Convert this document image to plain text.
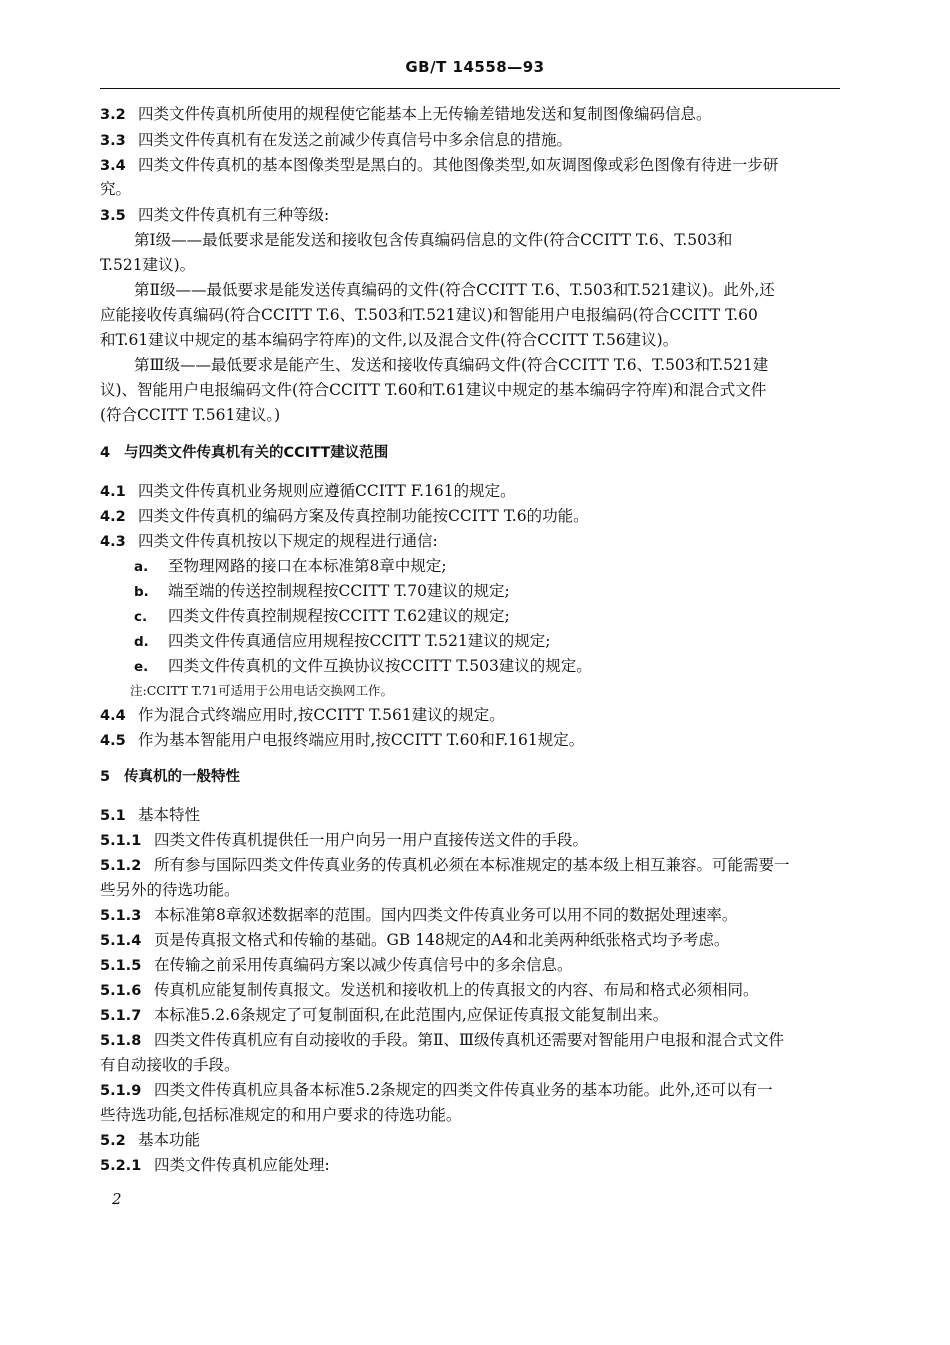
GB/T 14558—93
3.2 四类文件传真机所使用的规程使它能基本上无传输差错地发送和复制图像编码信息。
3.3 四类文件传真机有在发送之前减少传真信号中多余信息的措施。
3.4 四类文件传真机的基本图像类型是黑白的。其他图像类型,如灰调图像或彩色图像有待进一步研
究。
3.5 四类文件传真机有三种等级:
第Ⅰ级——最低要求是能发送和接收包含传真编码信息的文件(符合CCITT T.6、T.503和
T.521建议)。
第Ⅱ级——最低要求是能发送传真编码的文件(符合CCITT T.6、T.503和T.521建议)。此外,还
应能接收传真编码(符合CCITT T.6、T.503和T.521建议)和智能用户电报编码(符合CCITT T.60
和T.61建议中规定的基本编码字符库)的文件,以及混合文件(符合CCITT T.56建议)。
第Ⅲ级——最低要求是能产生、发送和接收传真编码文件(符合CCITT T.6、T.503和T.521建
议)、智能用户电报编码文件(符合CCITT T.60和T.61建议中规定的基本编码字符库)和混合式文件
(符合CCITT T.561建议。)
4 与四类文件传真机有关的CCITT建议范围
4.1 四类文件传真机业务规则应遵循CCITT F.161的规定。
4.2 四类文件传真机的编码方案及传真控制功能按CCITT T.6的功能。
4.3 四类文件传真机按以下规定的规程进行通信:
a. 至物理网路的接口在本标准第8章中规定;
b. 端至端的传送控制规程按CCITT T.70建议的规定;
c. 四类文件传真控制规程按CCITT T.62建议的规定;
d. 四类文件传真通信应用规程按CCITT T.521建议的规定;
e. 四类文件传真机的文件互换协议按CCITT T.503建议的规定。
注:CCITT T.71可适用于公用电话交换网工作。
4.4 作为混合式终端应用时,按CCITT T.561建议的规定。
4.5 作为基本智能用户电报终端应用时,按CCITT T.60和F.161规定。
5 传真机的一般特性
5.1 基本特性
5.1.1 四类文件传真机提供任一用户向另一用户直接传送文件的手段。
5.1.2 所有参与国际四类文件传真业务的传真机必须在本标准规定的基本级上相互兼容。可能需要一
些另外的待选功能。
5.1.3 本标准第8章叙述数据率的范围。国内四类文件传真业务可以用不同的数据处理速率。
5.1.4 页是传真报文格式和传输的基础。GB 148规定的A4和北美两种纸张格式均予考虑。
5.1.5 在传输之前采用传真编码方案以减少传真信号中的多余信息。
5.1.6 传真机应能复制传真报文。发送机和接收机上的传真报文的内容、布局和格式必须相同。
5.1.7 本标准5.2.6条规定了可复制面积,在此范围内,应保证传真报文能复制出来。
5.1.8 四类文件传真机应有自动接收的手段。第Ⅱ、Ⅲ级传真机还需要对智能用户电报和混合式文件
有自动接收的手段。
5.1.9 四类文件传真机应具备本标准5.2条规定的四类文件传真业务的基本功能。此外,还可以有一
些待选功能,包括标准规定的和用户要求的待选功能。
5.2 基本功能
5.2.1 四类文件传真机应能处理:
2
